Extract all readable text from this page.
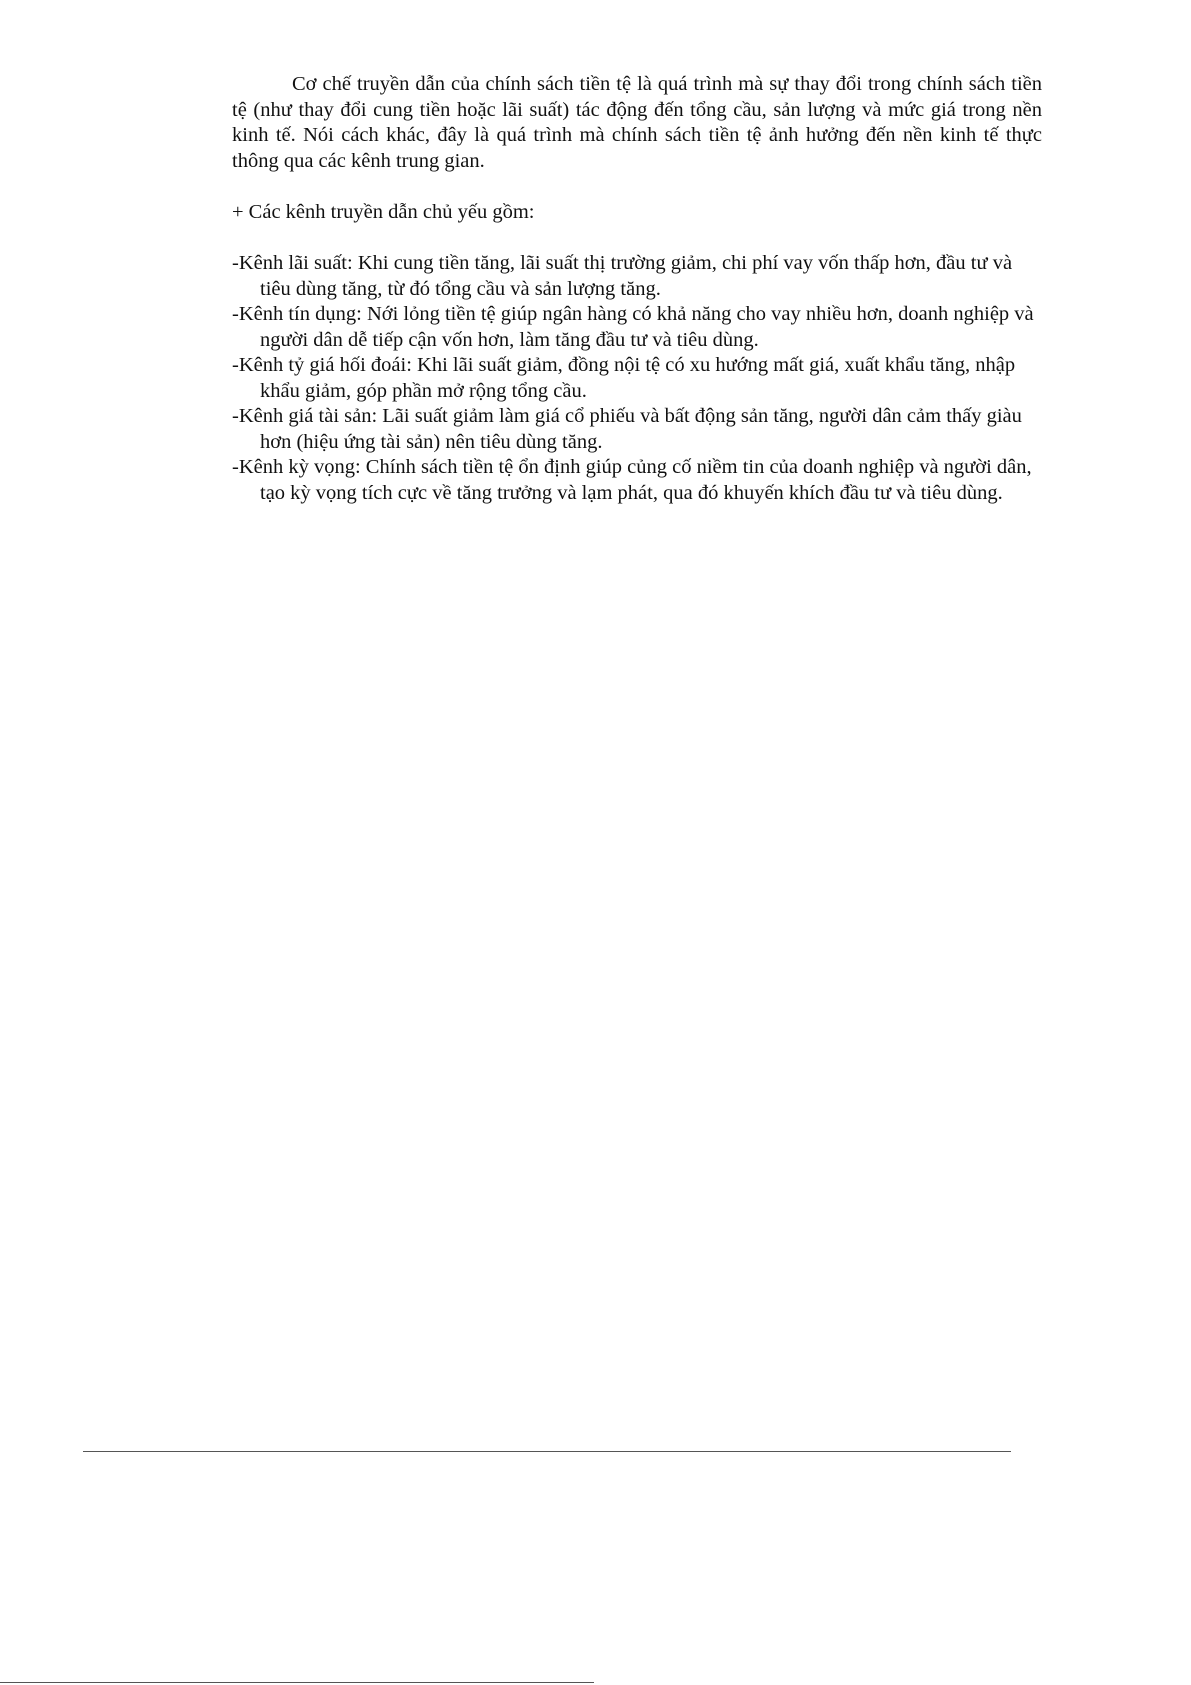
Cơ chế truyền dẫn của chính sách tiền tệ là quá trình mà sự thay đổi trong chính sách tiền tệ (như thay đổi cung tiền hoặc lãi suất) tác động đến tổng cầu, sản lượng và mức giá trong nền kinh tế. Nói cách khác, đây là quá trình mà chính sách tiền tệ ảnh hưởng đến nền kinh tế thực thông qua các kênh trung gian.

+ Các kênh truyền dẫn chủ yếu gồm:

-Kênh lãi suất: Khi cung tiền tăng, lãi suất thị trường giảm, chi phí vay vốn thấp hơn, đầu tư và tiêu dùng tăng, từ đó tổng cầu và sản lượng tăng.
-Kênh tín dụng: Nới lỏng tiền tệ giúp ngân hàng có khả năng cho vay nhiều hơn, doanh nghiệp và người dân dễ tiếp cận vốn hơn, làm tăng đầu tư và tiêu dùng.
-Kênh tỷ giá hối đoái: Khi lãi suất giảm, đồng nội tệ có xu hướng mất giá, xuất khẩu tăng, nhập khẩu giảm, góp phần mở rộng tổng cầu.
-Kênh giá tài sản: Lãi suất giảm làm giá cổ phiếu và bất động sản tăng, người dân cảm thấy giàu hơn (hiệu ứng tài sản) nên tiêu dùng tăng.
-Kênh kỳ vọng: Chính sách tiền tệ ổn định giúp củng cố niềm tin của doanh nghiệp và người dân, tạo kỳ vọng tích cực về tăng trưởng và lạm phát, qua đó khuyến khích đầu tư và tiêu dùng.
